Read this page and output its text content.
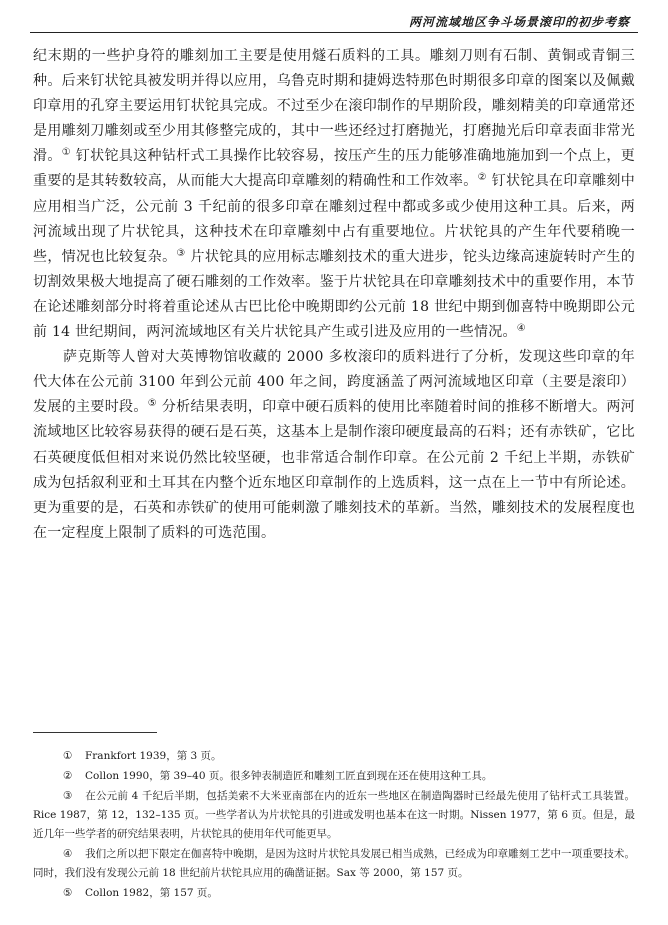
两河流域地区争斗场景滚印的初步考察

纪末期的一些护身符的雕刻加工主要是使用燧石质料的工具。雕刻刀则有石制、黄铜或青铜三种。后来钉状铊具被发明并得以应用，乌鲁克时期和捷姆迭特那色时期很多印章的图案以及佩戴印章用的孔穿主要运用钉状铊具完成。不过至少在滚印制作的早期阶段，雕刻精美的印章通常还是用雕刻刀雕刻或至少用其修整完成的，其中一些还经过打磨抛光，打磨抛光后印章表面非常光滑。① 钉状铊具这种钻杆式工具操作比较容易，按压产生的压力能够准确地施加到一个点上，更重要的是其转数较高，从而能大大提高印章雕刻的精确性和工作效率。② 钉状铊具在印章雕刻中应用相当广泛，公元前 3 千纪前的很多印章在雕刻过程中都或多或少使用这种工具。后来，两河流域出现了片状铊具，这种技术在印章雕刻中占有重要地位。片状铊具的产生年代要稍晚一些，情况也比较复杂。③ 片状铊具的应用标志雕刻技术的重大进步，铊头边缘高速旋转时产生的切割效果极大地提高了硬石雕刻的工作效率。鉴于片状铊具在印章雕刻技术中的重要作用，本节在论述雕刻部分时将着重论述从古巴比伦中晚期即约公元前 18 世纪中期到伽喜特中晚期即公元前 14 世纪期间，两河流域地区有关片状铊具产生或引进及应用的一些情况。④

萨克斯等人曾对大英博物馆收藏的 2000 多枚滚印的质料进行了分析，发现这些印章的年代大体在公元前 3100 年到公元前 400 年之间，跨度涵盖了两河流域地区印章（主要是滚印）发展的主要时段。⑤ 分析结果表明，印章中硬石质料的使用比率随着时间的推移不断增大。两河流域地区比较容易获得的硬石是石英，这基本上是制作滚印硬度最高的石料；还有赤铁矿，它比石英硬度低但相对来说仍然比较坚硬，也非常适合制作印章。在公元前 2 千纪上半期，赤铁矿成为包括叙利亚和土耳其在内整个近东地区印章制作的上选质料，这一点在上一节中有所论述。更为重要的是，石英和赤铁矿的使用可能刺激了雕刻技术的革新。当然，雕刻技术的发展程度也在一定程度上限制了质料的可选范围。

① Frankfort 1939，第 3 页。

② Collon 1990，第 39–40 页。很多钟表制造匠和雕刻工匠直到现在还在使用这种工具。

③ 在公元前 4 千纪后半期，包括美索不大米亚南部在内的近东一些地区在制造陶器时已经最先使用了钻杆式工具装置。Rice 1987，第 12，132–135 页。一些学者认为片状铊具的引进或发明也基本在这一时期。Nissen 1977，第 6 页。但是，最近几年一些学者的研究结果表明，片状铊具的使用年代可能更早。

④ 我们之所以把下限定在伽喜特中晚期，是因为这时片状铊具发展已相当成熟，已经成为印章雕刻工艺中一项重要技术。同时，我们没有发现公元前 18 世纪前片状铊具应用的确凿证据。Sax 等 2000，第 157 页。

⑤ Collon 1982，第 157 页。
